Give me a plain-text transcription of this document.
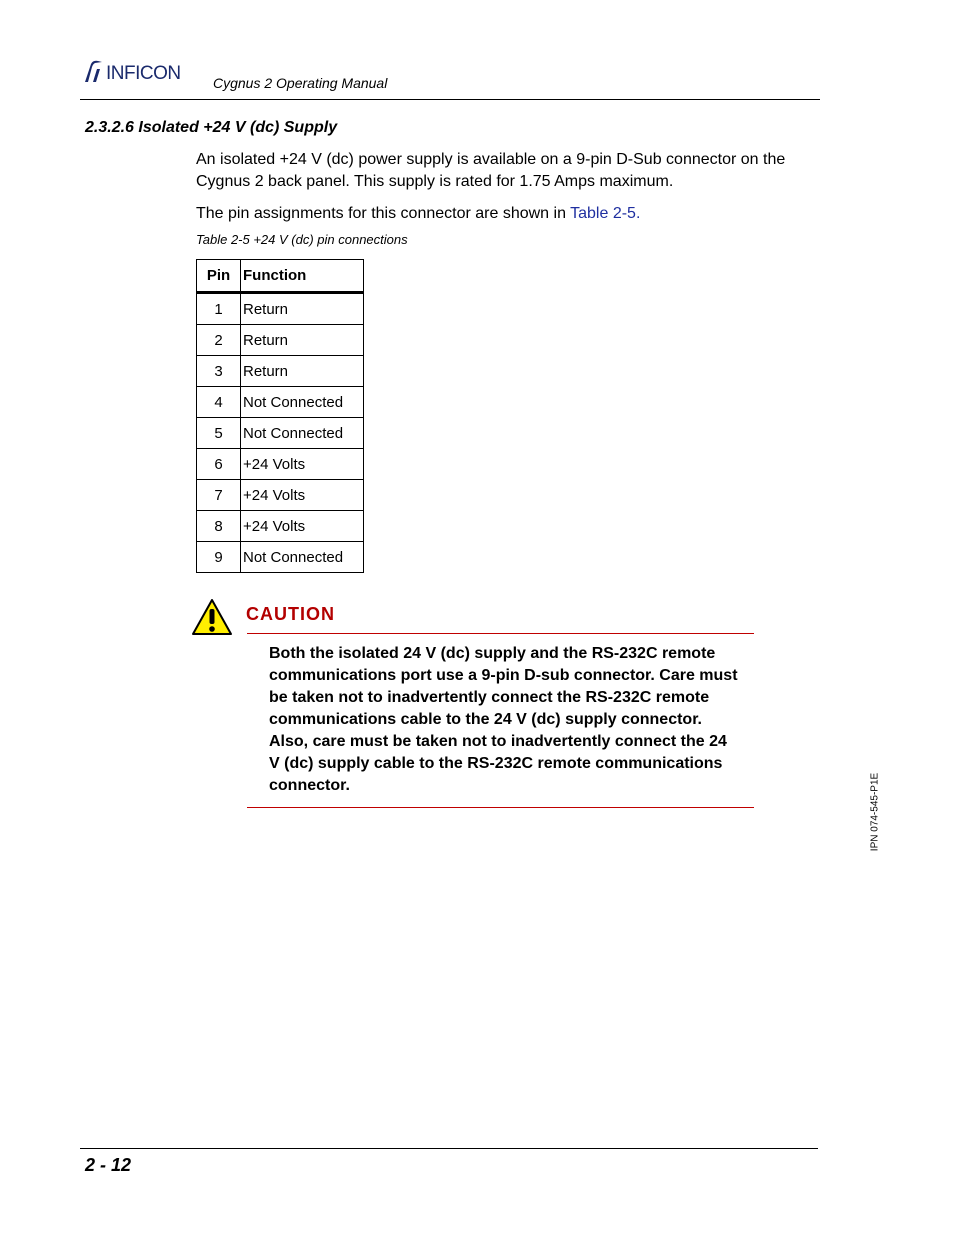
INFICON Cygnus 2 Operating Manual
2.3.2.6 Isolated +24 V (dc) Supply
An isolated +24 V (dc) power supply is available on a 9-pin D-Sub connector on the Cygnus 2 back panel. This supply is rated for 1.75 Amps maximum.
The pin assignments for this connector are shown in Table 2-5.
Table 2-5 +24 V (dc) pin connections
Pin	Function
1	Return
2	Return
3	Return
4	Not Connected
5	Not Connected
6	+24 Volts
7	+24 Volts
8	+24 Volts
9	Not Connected
CAUTION
Both the isolated 24 V (dc) supply and the RS-232C remote communications port use a 9-pin D-sub connector. Care must be taken not to inadvertently connect the RS-232C remote communications cable to the 24 V (dc) supply connector. Also, care must be taken not to inadvertently connect the 24 V (dc) supply cable to the RS-232C remote communications connector.	IPN 074-545-P1E
2 - 12
